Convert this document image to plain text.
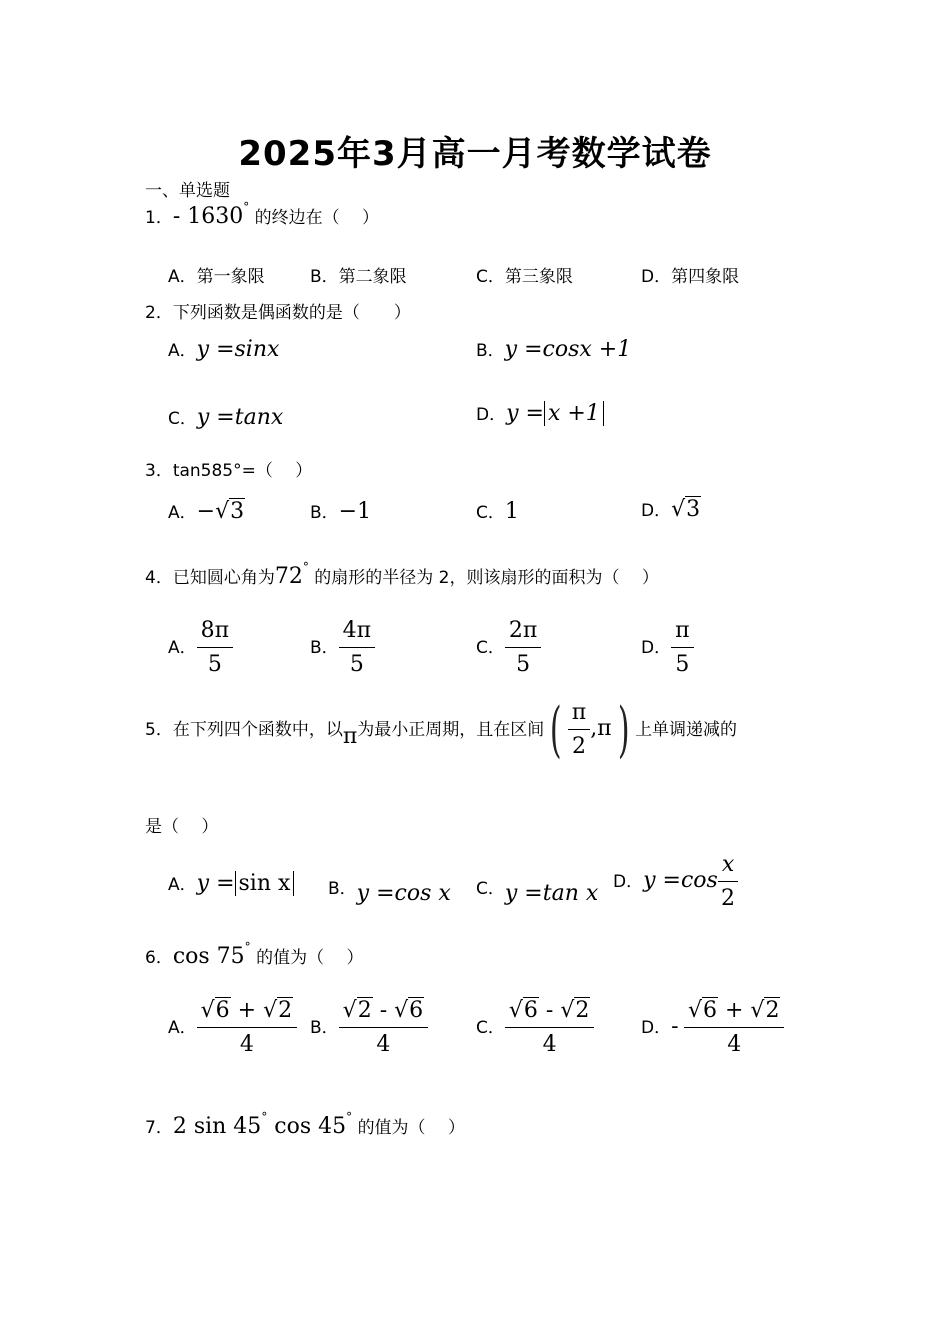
2025年3月高一月考数学试卷
一、单选题
1．- 1630° 的终边在（　 ）
A．第一象限	B．第二象限	C．第三象限	D．第四象限
2．下列函数是偶函数的是（　　）
A．y =sinx	B．y =cosx +1
C．y =tanx	D．y = x +1
3．tan585°=（　 ）
A．−√3	B．−1	C．1	D．√3
4．已知圆心角为72° 的扇形的半径为 2，则该扇形的面积为（　 ）
A． $\frac{8\pi}{5}$	B． $\frac{4\pi}{5}$	C． $\frac{2\pi}{5}$	D． $\frac{\pi}{5}$
5．在下列四个函数中，以π为最小正周期，且在区间( $\frac{\pi}{2} ,\pi$) 上单调递减的
是（　 ）
A．y = sin x B．y =cos x C．y =tan x D．$y =\cos \frac{x}{2}$
6．cos 75° 的值为（　 ）
A． $\frac{√6 + √2}{4}$ B． $\frac{√2 - √6}{4}$	C． $\frac{√6 - √2}{4}$	D．- $\frac{√6 + √2}{4}$
7．2 sin 45° cos 45° 的值为（　 ）
